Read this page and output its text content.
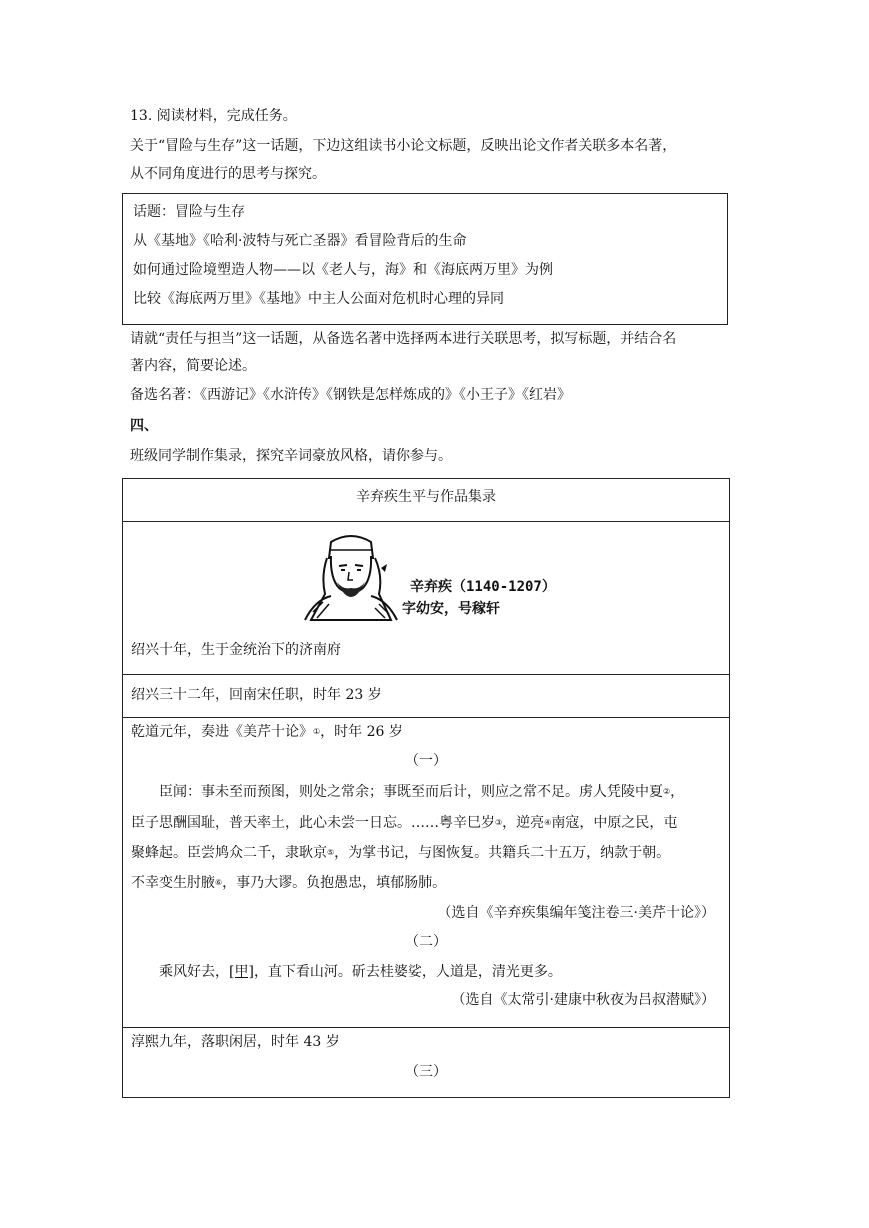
13. 阅读材料，完成任务。
关于“冒险与生存”这一话题，下边这组读书小论文标题，反映出论文作者关联多本名著，
从不同角度进行的思考与探究。
话题：冒险与生存
从《基地》《哈利·波特与死亡圣器》看冒险背后的生命
如何通过险境塑造人物——以《老人与，海》和《海底两万里》为例
比较《海底两万里》《基地》中主人公面对危机时心理的异同
请就“责任与担当”这一话题，从备选名著中选择两本进行关联思考，拟写标题，并结合名
著内容，简要论述。
备选名著：《西游记》《水浒传》《钢铁是怎样炼成的》《小王子》《红岩》
四、
班级同学制作集录，探究辛词豪放风格，请你参与。
辛弃疾生平与作品集录
辛弃疾（1140-1207）
字幼安，号稼轩
绍兴十年，生于金统治下的济南府
绍兴三十二年，回南宋任职，时年 23 岁
乾道元年，奏进《美芹十论》①，时年 26 岁
（一）
臣闻：事未至而预图，则处之常余；事既至而后计，则应之常不足。虏人凭陵中夏②，
臣子思酬国耻，普天率土，此心未尝一日忘。……粤辛巳岁③，逆亮④南寇，中原之民，屯
聚蜂起。臣尝鸠众二千，隶耿京⑤，为掌书记，与图恢复。共籍兵二十五万，纳款于朝。
不幸变生肘腋⑥，事乃大谬。负抱愚忠，填郁肠肺。
（选自《辛弃疾集编年笺注卷三·美芹十论》）
（二）
乘风好去，[甲]，直下看山河。斫去桂婆娑，人道是，清光更多。
（选自《太常引·建康中秋夜为吕叔潜赋》）
淳熙九年，落职闲居，时年 43 岁
（三）
